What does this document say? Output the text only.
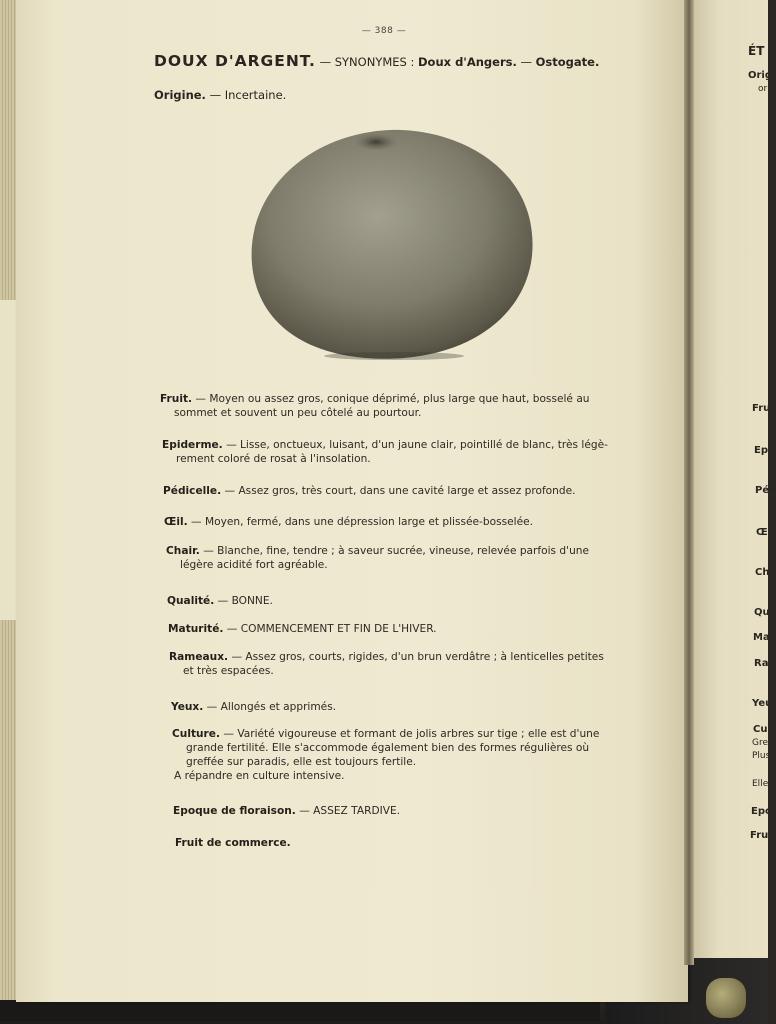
ÉT
Orig
or
Fru
Epi
Péd
Œ
Ch
Qu
Ma
Ra
Yeu
Cul
Gre
Plus
Elle
Epo
Frui
— 388 —
DOUX D'ARGENT. — SYNONYMES : Doux d'Angers. — Ostogate.
Origine. — Incertaine.
Fruit. — Moyen ou assez gros, conique déprimé, plus large que haut, bosselé au
sommet et souvent un peu côtelé au pourtour.
Epiderme. — Lisse, onctueux, luisant, d'un jaune clair, pointillé de blanc, très légè-
rement coloré de rosat à l'insolation.
Pédicelle. — Assez gros, très court, dans une cavité large et assez profonde.
Œil. — Moyen, fermé, dans une dépression large et plissée-bosselée.
Chair. — Blanche, fine, tendre ; à saveur sucrée, vineuse, relevée parfois d'une
légère acidité fort agréable.
Qualité. — BONNE.
Maturité. — COMMENCEMENT ET FIN DE L'HIVER.
Rameaux. — Assez gros, courts, rigides, d'un brun verdâtre ; à lenticelles petites
et très espacées.
Yeux. — Allongés et apprimés.
Culture. — Variété vigoureuse et formant de jolis arbres sur tige ; elle est d'une
grande fertilité. Elle s'accommode également bien des formes régulières où
greffée sur paradis, elle est toujours fertile.
A répandre en culture intensive.
Epoque de floraison. — ASSEZ TARDIVE.
Fruit de commerce.
